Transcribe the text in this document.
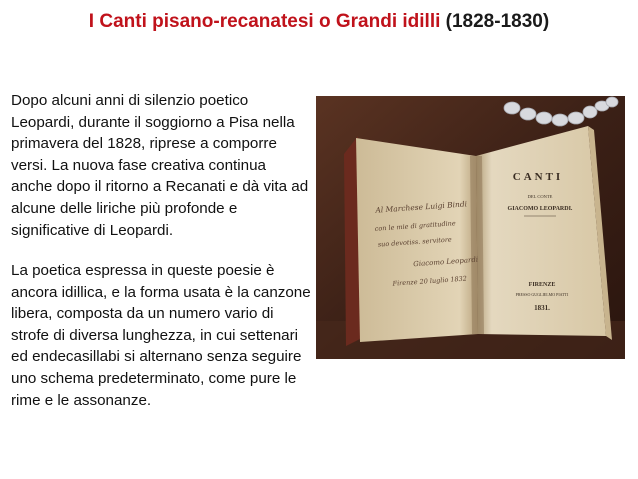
I Canti pisano-recanatesi o Grandi idilli (1828-1830)

Dopo alcuni anni di silenzio poetico Leopardi, durante il soggiorno a Pisa nella primavera del 1828, riprese a comporre versi. La nuova fase creativa continua anche dopo il ritorno a Recanati e dà vita ad alcune delle liriche più profonde e significative di Leopardi.

La poetica espressa in queste poesie è ancora idillica, e la forma usata è la canzone libera, composta da un numero vario di strofe di diversa lunghezza, in cui settenari ed endecasillabi si alternano senza seguire uno schema predeterminato, come pure le rime e le assonanze.

CANTI
DEL CONTE
GIACOMO LEOPARDI.
FIRENZE
PRESSO GUGLIELMO PIATTI
1831.
Al Marchese Luigi Bindi
con le mie di gratitudine
suo devotiss. servitore
Giacomo Leopardi
Firenze 20 luglio 1832
